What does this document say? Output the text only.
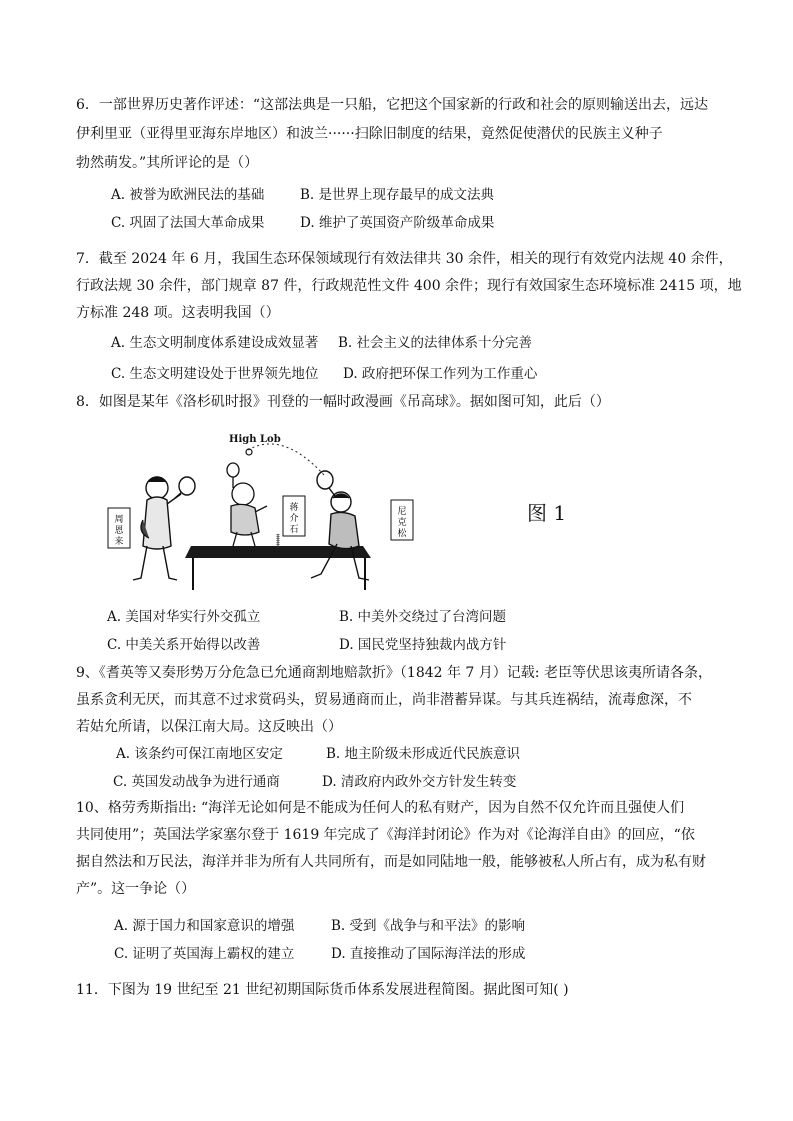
6．一部世界历史著作评述：“这部法典是一只船，它把这个国家新的行政和社会的原则输送出去，远达
伊利里亚（亚得里亚海东岸地区）和波兰······扫除旧制度的结果，竟然促使潜伏的民族主义种子
勃然萌发。”其所评论的是（）
A. 被誉为欧洲民法的基础	B. 是世界上现存最早的成文法典
C. 巩固了法国大革命成果	D. 维护了英国资产阶级革命成果
7．截至 2024 年 6 月，我国生态环保领域现行有效法律共 30 余件，相关的现行有效党内法规 40 余件，
行政法规 30 余件，部门规章 87 件，行政规范性文件 400 余件；现行有效国家生态环境标准 2415 项，地
方标准 248 项。这表明我国（）
A. 生态文明制度体系建设成效显著 B. 社会主义的法律体系十分完善
C. 生态文明建设处于世界领先地位 D. 政府把环保工作列为工作重心
8．如图是某年《洛杉矶时报》刊登的一幅时政漫画《吊高球》。据如图可知，此后（）
High Lob
周恩来
蒋介石
尼克松
图 1
A. 美国对华实行外交孤立	B. 中美外交绕过了台湾问题
C. 中美关系开始得以改善	D. 国民党坚持独裁内战方针
9、《耆英等又奏形势万分危急已允通商割地赔款折》（1842 年 7 月）记载: 老臣等伏思该夷所请各条，
虽系贪利无厌，而其意不过求赏码头，贸易通商而止，尚非潜蓄异谋。与其兵连祸结，流毒愈深，不
若姑允所请，以保江南大局。这反映出（）
A. 该条约可保江南地区安定	B. 地主阶级未形成近代民族意识
C. 英国发动战争为进行通商	D. 清政府内政外交方针发生转变
10、格劳秀斯指出: “海洋无论如何是不能成为任何人的私有财产，因为自然不仅允许而且强使人们
共同使用”；英国法学家塞尔登于 1619 年完成了《海洋封闭论》作为对《论海洋自由》的回应，“依
据自然法和万民法，海洋并非为所有人共同所有，而是如同陆地一般，能够被私人所占有，成为私有财
产”。这一争论（）
A. 源于国力和国家意识的增强	B. 受到《战争与和平法》的影响
C. 证明了英国海上霸权的建立	D. 直接推动了国际海洋法的形成
11．下图为 19 世纪至 21 世纪初期国际货币体系发展进程简图。据此图可知( )
